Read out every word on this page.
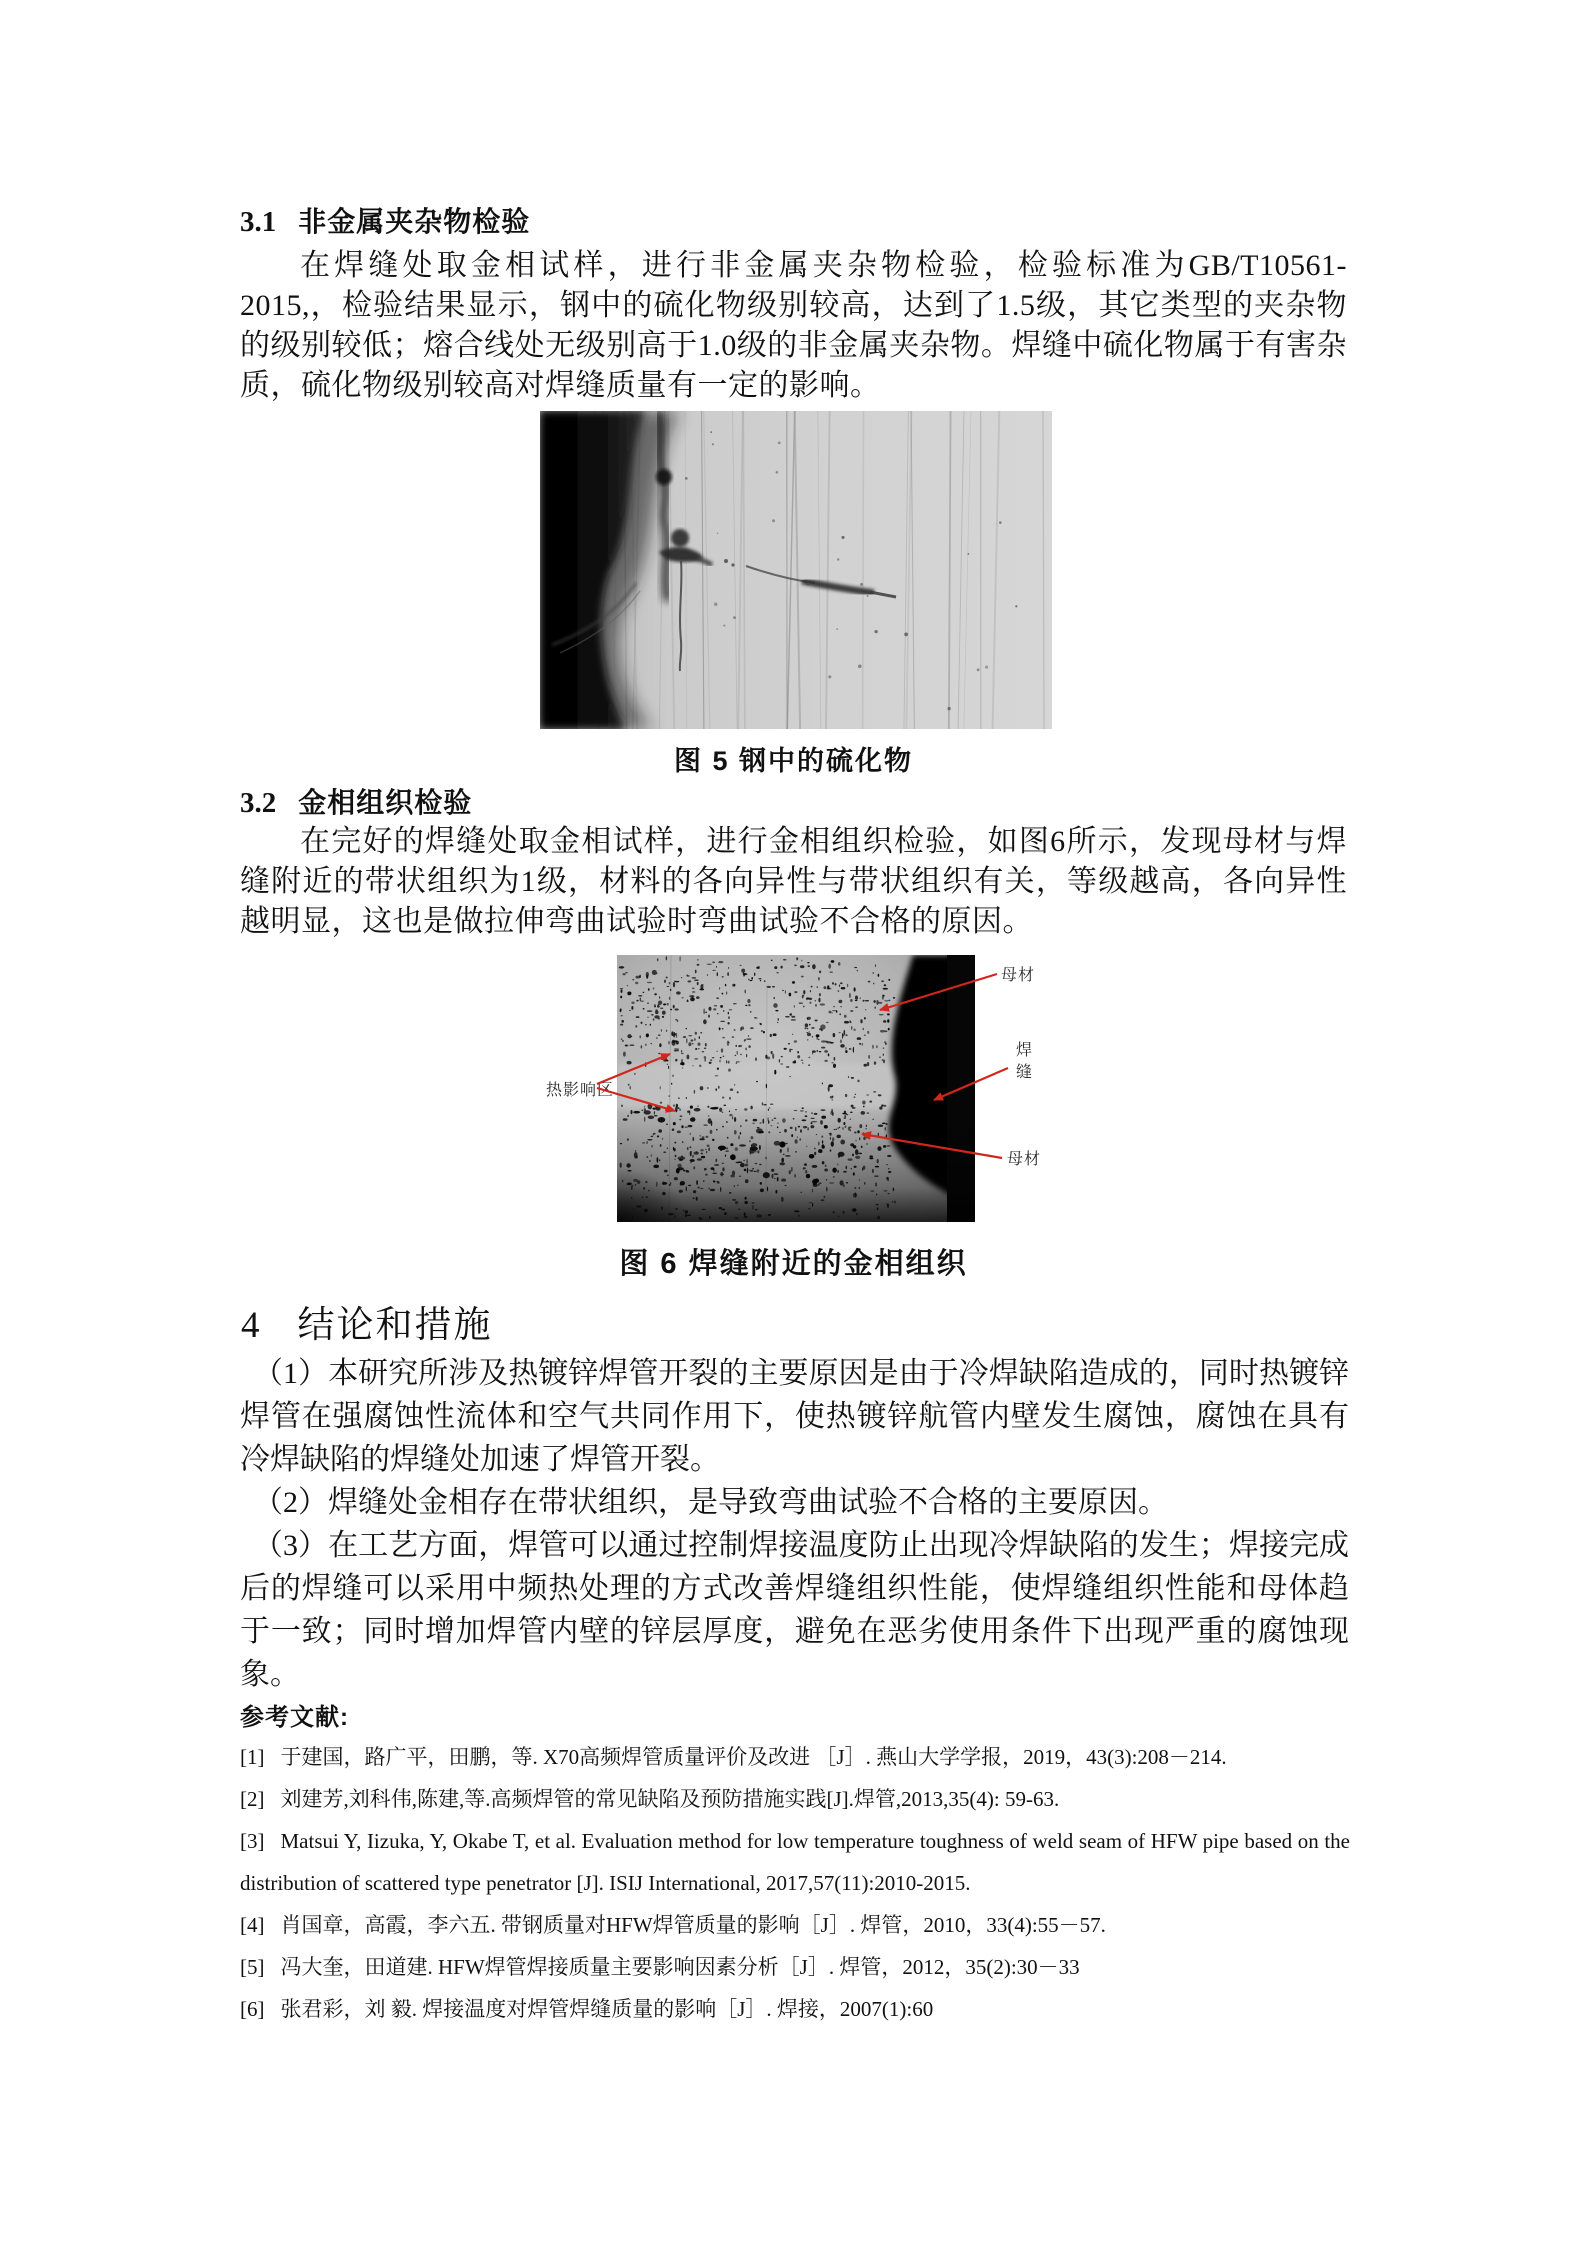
3.1 非金属夹杂物检验
在焊缝处取金相试样，进行非金属夹杂物检验，检验标准为GB/T10561-2015,，检验结果显示，钢中的硫化物级别较高，达到了1.5级，其它类型的夹杂物的级别较低；熔合线处无级别高于1.0级的非金属夹杂物。焊缝中硫化物属于有害杂质，硫化物级别较高对焊缝质量有一定的影响。
图 5 钢中的硫化物
3.2 金相组织检验
在完好的焊缝处取金相试样，进行金相组织检验，如图6所示，发现母材与焊缝附近的带状组织为1级，材料的各向异性与带状组织有关，等级越高，各向异性越明显，这也是做拉伸弯曲试验时弯曲试验不合格的原因。
母材
焊缝
热影响区
母材
图 6 焊缝附近的金相组织
4 结论和措施

（1）本研究所涉及热镀锌焊管开裂的主要原因是由于冷焊缺陷造成的，同时热镀锌焊管在强腐蚀性流体和空气共同作用下，使热镀锌航管内壁发生腐蚀，腐蚀在具有冷焊缺陷的焊缝处加速了焊管开裂。

（2）焊缝处金相存在带状组织，是导致弯曲试验不合格的主要原因。

（3）在工艺方面，焊管可以通过控制焊接温度防止出现冷焊缺陷的发生；焊接完成后的焊缝可以采用中频热处理的方式改善焊缝组织性能，使焊缝组织性能和母体趋于一致；同时增加焊管内壁的锌层厚度，避免在恶劣使用条件下出现严重的腐蚀现象。

参考文献:
[1] 于建国，路广平，田鹏，等. X70高频焊管质量评价及改进 ［J］. 燕山大学学报，2019，43(3):208－214.
[2] 刘建芳,刘科伟,陈建,等.高频焊管的常见缺陷及预防措施实践[J].焊管,2013,35(4): 59-63.
[3] Matsui Y, Iizuka, Y, Okabe T, et al. Evaluation method for low temperature toughness of weld seam of HFW pipe based on the distribution of scattered type penetrator [J]. ISIJ International, 2017,57(11):2010-2015.
[4] 肖国章，高霞，李六五. 带钢质量对HFW焊管质量的影响［J］. 焊管，2010，33(4):55－57.
[5] 冯大奎，田道建. HFW焊管焊接质量主要影响因素分析［J］. 焊管，2012，35(2):30－33
[6] 张君彩，刘 毅. 焊接温度对焊管焊缝质量的影响［J］. 焊接，2007(1):60
